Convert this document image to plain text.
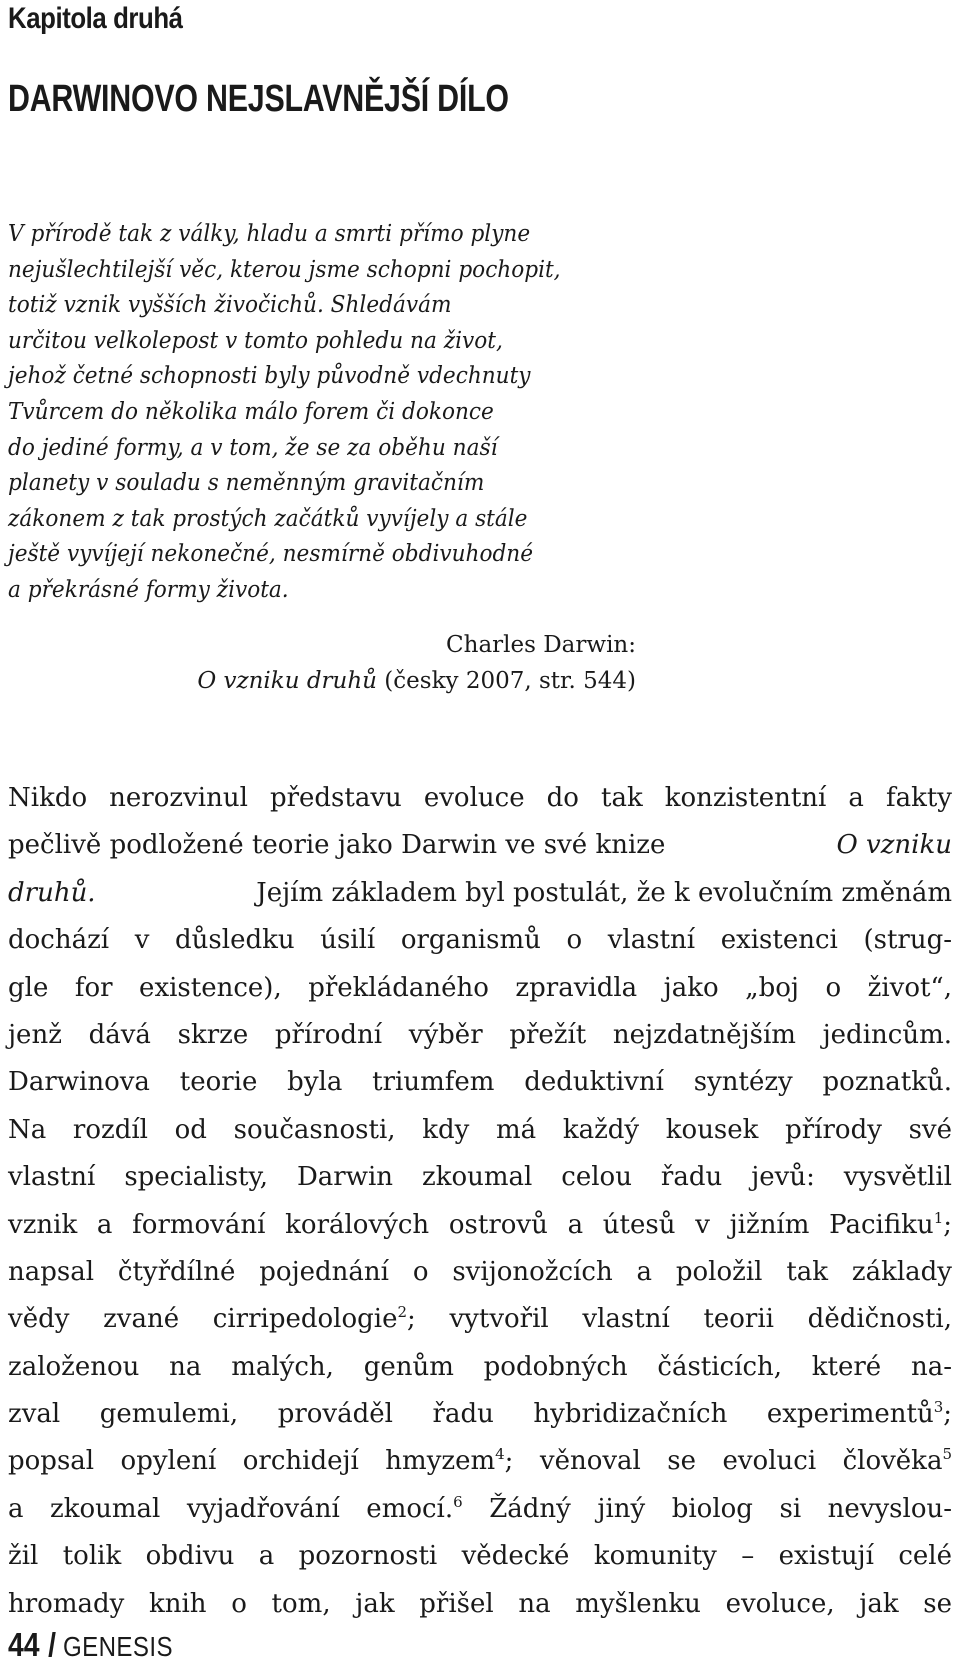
Kapitola druhá
DARWINOVO NEJSLAVNĚJŠÍ DÍLO
V přírodě tak z války, hladu a smrti přímo plyne
nejušlechtilejší věc, kterou jsme schopni pochopit,
totiž vznik vyšších živočichů. Shledávám
určitou velkolepost v tomto pohledu na život,
jehož četné schopnosti byly původně vdechnuty
Tvůrcem do několika málo forem či dokonce
do jediné formy, a v tom, že se za oběhu naší
planety v souladu s neměnným gravitačním
zákonem z tak prostých začátků vyvíjely a stále
ještě vyvíjejí nekonečné, nesmírně obdivuhodné
a překrásné formy života.
Charles Darwin:
O vzniku druhů (česky 2007, str. 544)
Nikdo nerozvinul představu evoluce do tak konzistentní a fakty
pečlivě podložené teorie jako Darwin ve své knize	O vzniku
druhů.	Jejím základem byl postulát, že k evolučním změnám
dochází v důsledku úsilí organismů o vlastní existenci (strug-
gle for existence), překládaného zpravidla jako „boj o život“,
jenž dává skrze přírodní výběr přežít nejzdatnějším jedincům.
Darwinova teorie byla triumfem deduktivní syntézy poznatků.
Na rozdíl od současnosti, kdy má každý kousek přírody své
vlastní specialisty, Darwin zkoumal celou řadu jevů: vysvětlil
vznik a formování korálových ostrovů a útesů v jižním Pacifiku$^1$;
napsal čtyřdílné pojednání o svijonožcích a položil tak základy
vědy zvané cirripedologie$^2$; vytvořil vlastní teorii dědičnosti,
založenou na malých, genům podobných částicích, které na-
zval gemulemi, prováděl řadu hybridizačních experimentů$^3$;
popsal opylení orchidejí hmyzem$^4$; věnoval se evoluci člověka$^5$
a zkoumal vyjadřování emocí.$^6$ Žádný jiný biolog si nevyslou-
žil tolik obdivu a pozornosti vědecké komunity – existují celé
hromady knih o tom, jak přišel na myšlenku evoluce, jak se
44 / GENESIS
